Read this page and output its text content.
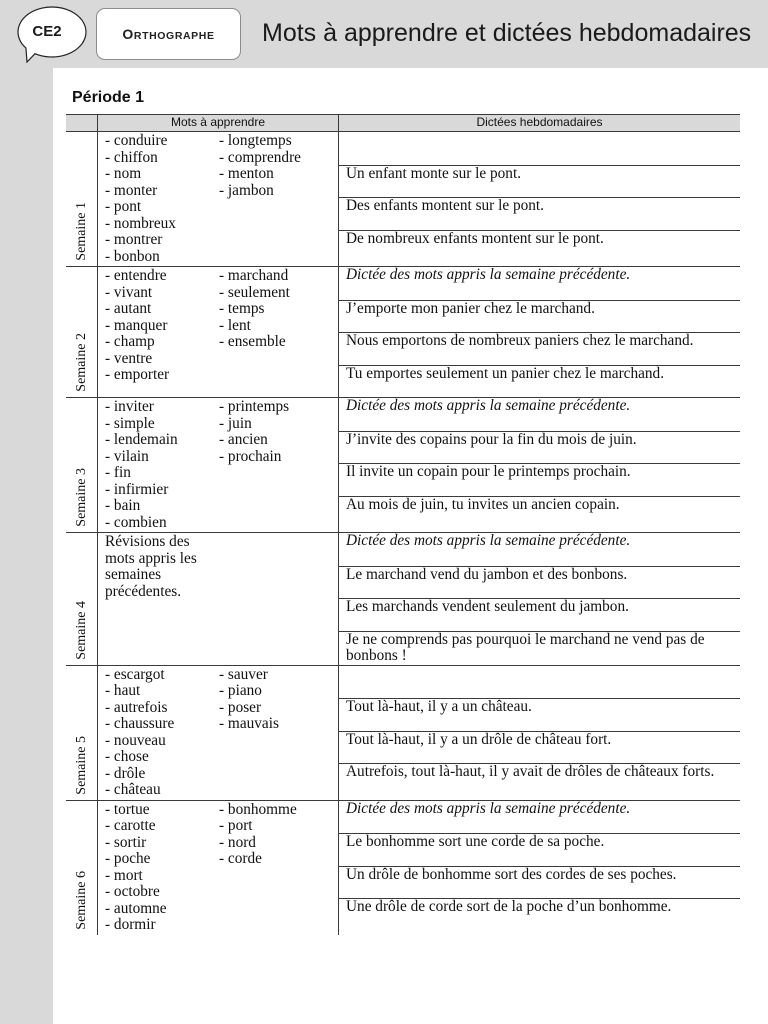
CE2	ORTHOGRAPHE Mots à apprendre et dictées hebdomadaires
Période 1
Mots à apprendre	Dictées hebdomadaires
Semaine 1
- conduire
- chiffon
- nom
- monter
- pont
- nombreux
- montrer
- bonbon
- longtemps
- comprendre
- menton
- jambon
Un enfant monte sur le pont.
Des enfants montent sur le pont.
De nombreux enfants montent sur le pont.
Semaine 2
- entendre
- vivant
- autant
- manquer
- champ
- ventre
- emporter
- marchand
- seulement
- temps
- lent
- ensemble
Dictée des mots appris la semaine précédente.
J’emporte mon panier chez le marchand.
Nous emportons de nombreux paniers chez le marchand.
Tu emportes seulement un panier chez le marchand.
Semaine 3
- inviter
- simple
- lendemain
- vilain
- fin
- infirmier
- bain
- combien
- printemps
- juin
- ancien
- prochain
Dictée des mots appris la semaine précédente.
J’invite des copains pour la fin du mois de juin.
Il invite un copain pour le printemps prochain.
Au mois de juin, tu invites un ancien copain.
Semaine 4
Révisions des mots appris les semaines précédentes.
Dictée des mots appris la semaine précédente.
Le marchand vend du jambon et des bonbons.
Les marchands vendent seulement du jambon.
Je ne comprends pas pourquoi le marchand ne vend pas de bonbons !
Semaine 5
- escargot
- haut
- autrefois
- chaussure
- nouveau
- chose
- drôle
- château
- sauver
- piano
- poser
- mauvais
Tout là-haut, il y a un château.
Tout là-haut, il y a un drôle de château fort.
Autrefois, tout là-haut, il y avait de drôles de châteaux forts.
Semaine 6
- tortue
- carotte
- sortir
- poche
- mort
- octobre
- automne
- dormir
- bonhomme
- port
- nord
- corde
Dictée des mots appris la semaine précédente.
Le bonhomme sort une corde de sa poche.
Un drôle de bonhomme sort des cordes de ses poches.
Une drôle de corde sort de la poche d’un bonhomme.
